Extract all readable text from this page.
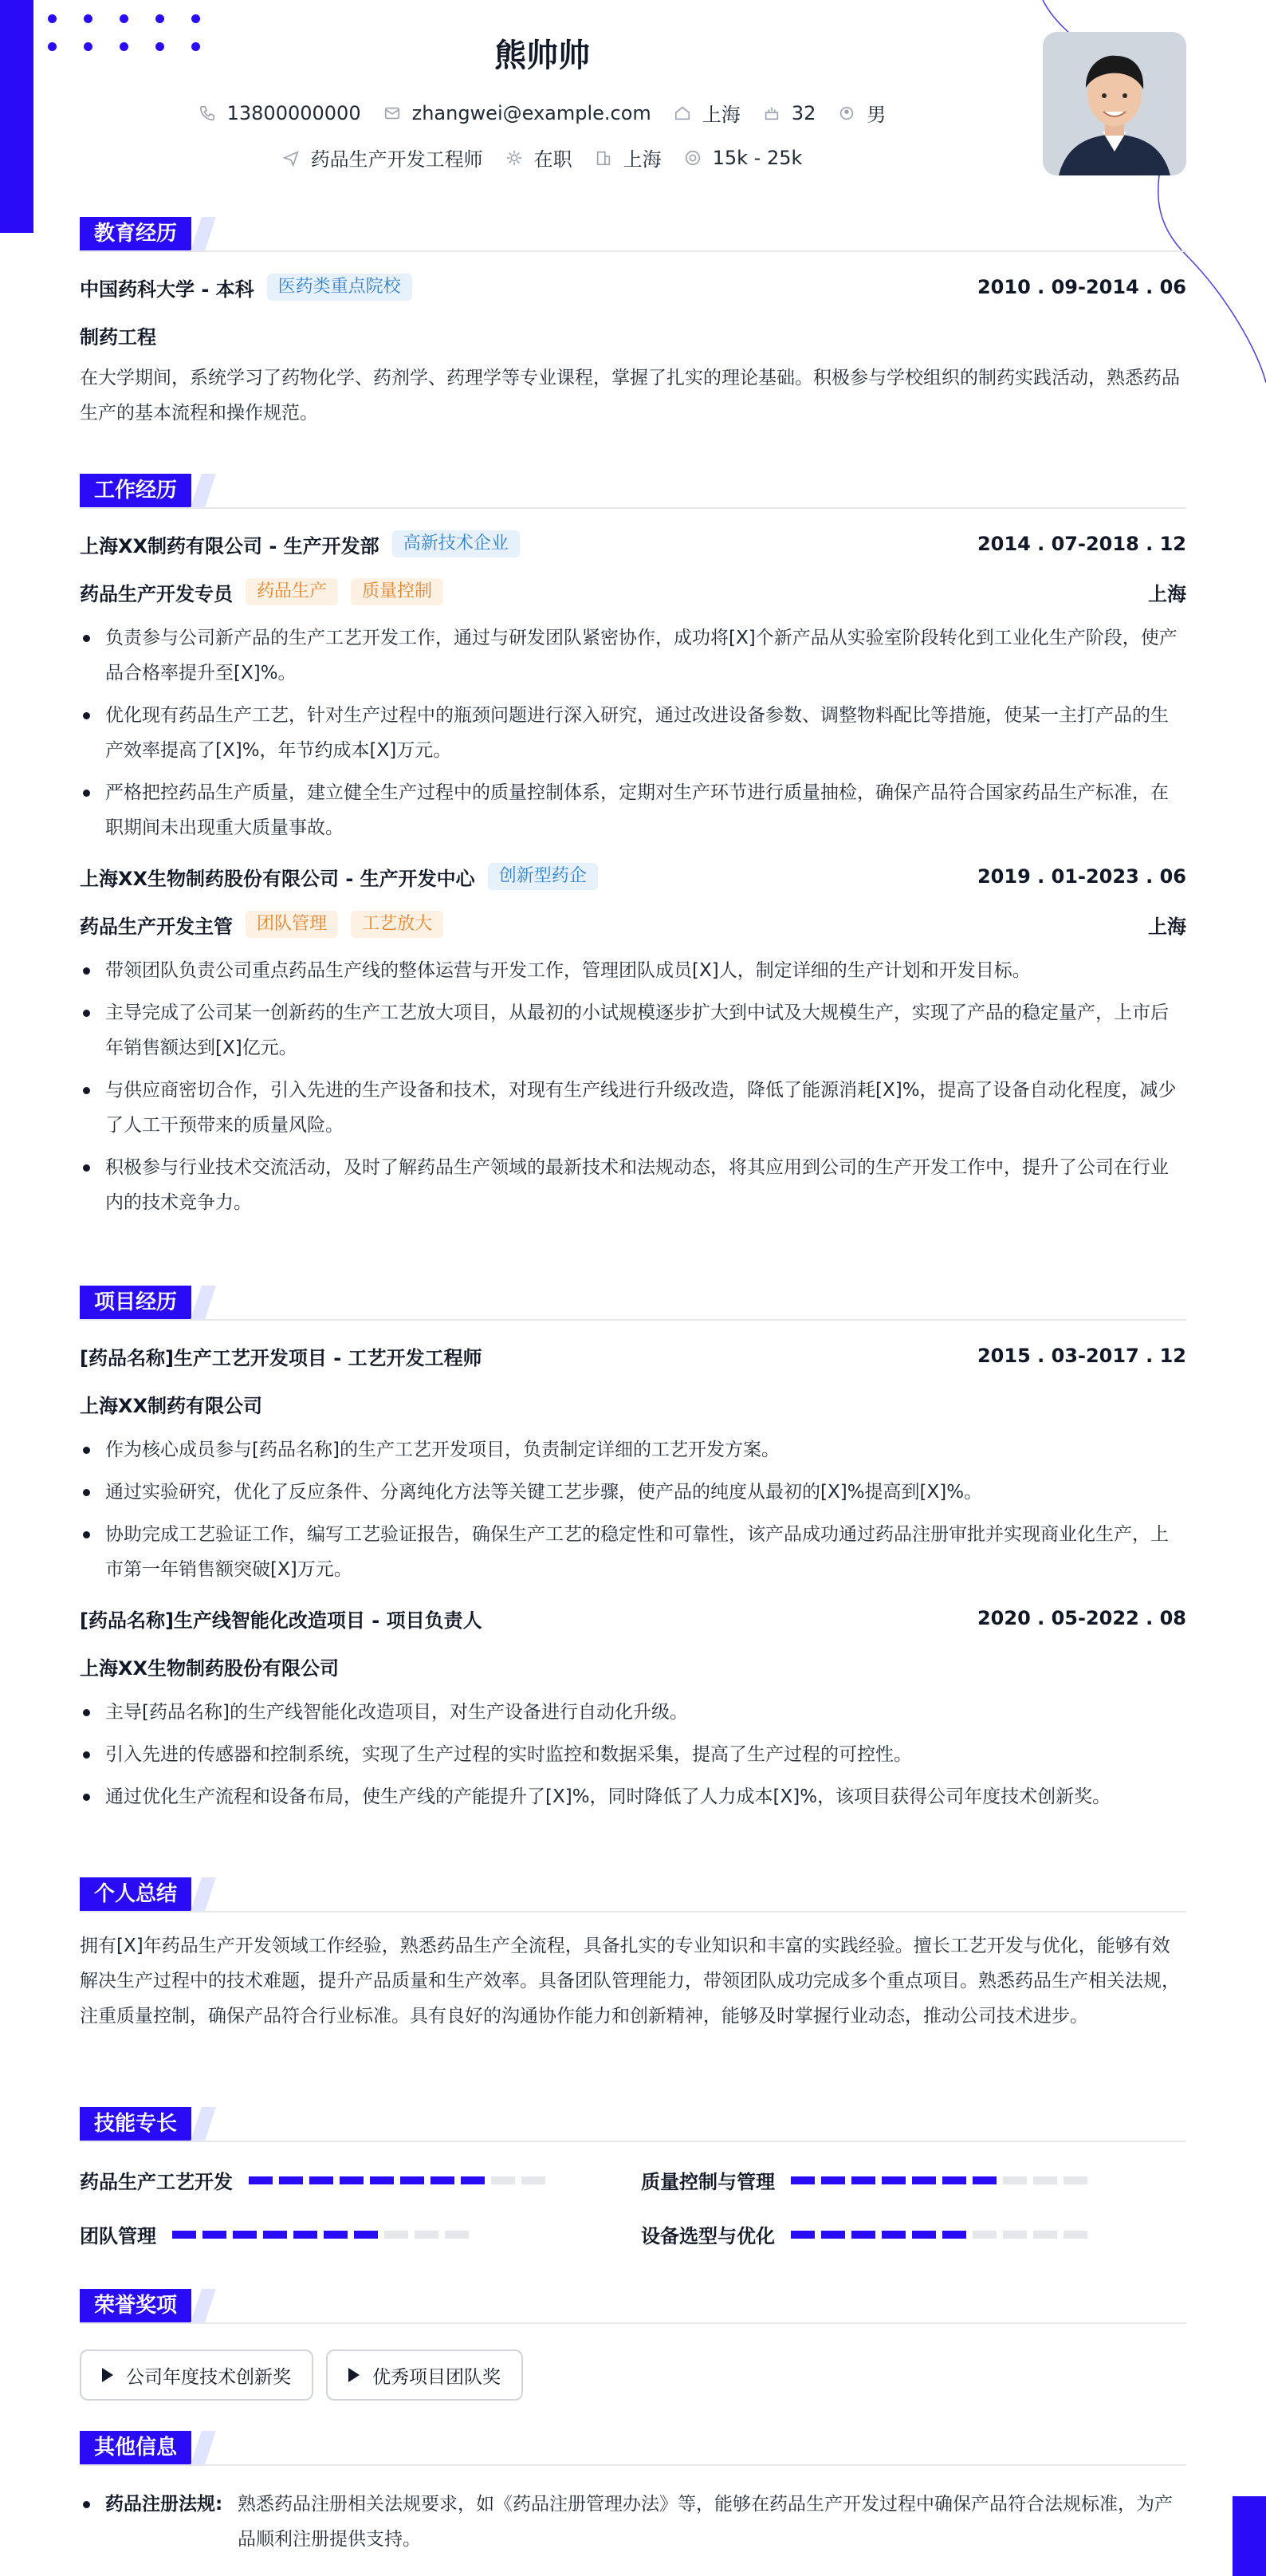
熊帅帅
13800000000	zhangwei@example.com	上海	32	男
药品生产开发工程师	在职	上海	15k - 25k
教育经历
中国药科大学 - 本科	医药类重点院校	2010 . 09-2014 . 06
制药工程
在大学期间，系统学习了药物化学、药剂学、药理学等专业课程，掌握了扎实的理论基础。积极参与学校组织的制药实践活动，熟悉药品生产的基本流程和操作规范。
工作经历
上海XX制药有限公司 - 生产开发部	高新技术企业	2014 . 07-2018 . 12
药品生产开发专员	药品生产	质量控制	上海
负责参与公司新产品的生产工艺开发工作，通过与研发团队紧密协作，成功将[X]个新产品从实验室阶段转化到工业化生产阶段，使产品合格率提升至[X]%。
优化现有药品生产工艺，针对生产过程中的瓶颈问题进行深入研究，通过改进设备参数、调整物料配比等措施，使某一主打产品的生产效率提高了[X]%，年节约成本[X]万元。
严格把控药品生产质量，建立健全生产过程中的质量控制体系，定期对生产环节进行质量抽检，确保产品符合国家药品生产标准，在职期间未出现重大质量事故。
上海XX生物制药股份有限公司 - 生产开发中心	创新型药企	2019 . 01-2023 . 06
药品生产开发主管	团队管理	工艺放大	上海
带领团队负责公司重点药品生产线的整体运营与开发工作，管理团队成员[X]人，制定详细的生产计划和开发目标。
主导完成了公司某一创新药的生产工艺放大项目，从最初的小试规模逐步扩大到中试及大规模生产，实现了产品的稳定量产，上市后年销售额达到[X]亿元。
与供应商密切合作，引入先进的生产设备和技术，对现有生产线进行升级改造，降低了能源消耗[X]%，提高了设备自动化程度，减少了人工干预带来的质量风险。
积极参与行业技术交流活动，及时了解药品生产领域的最新技术和法规动态，将其应用到公司的生产开发工作中，提升了公司在行业内的技术竞争力。
项目经历
[药品名称]生产工艺开发项目 - 工艺开发工程师	2015 . 03-2017 . 12
上海XX制药有限公司
作为核心成员参与[药品名称]的生产工艺开发项目，负责制定详细的工艺开发方案。
通过实验研究，优化了反应条件、分离纯化方法等关键工艺步骤，使产品的纯度从最初的[X]%提高到[X]%。
协助完成工艺验证工作，编写工艺验证报告，确保生产工艺的稳定性和可靠性，该产品成功通过药品注册审批并实现商业化生产，上市第一年销售额突破[X]万元。
[药品名称]生产线智能化改造项目 - 项目负责人	2020 . 05-2022 . 08
上海XX生物制药股份有限公司
主导[药品名称]的生产线智能化改造项目，对生产设备进行自动化升级。
引入先进的传感器和控制系统，实现了生产过程的实时监控和数据采集，提高了生产过程的可控性。
通过优化生产流程和设备布局，使生产线的产能提升了[X]%，同时降低了人力成本[X]%，该项目获得公司年度技术创新奖。
个人总结
拥有[X]年药品生产开发领域工作经验，熟悉药品生产全流程，具备扎实的专业知识和丰富的实践经验。擅长工艺开发与优化，能够有效解决生产过程中的技术难题，提升产品质量和生产效率。具备团队管理能力，带领团队成功完成多个重点项目。熟悉药品生产相关法规，注重质量控制，确保产品符合行业标准。具有良好的沟通协作能力和创新精神，能够及时掌握行业动态，推动公司技术进步。
技能专长
药品生产工艺开发	质量控制与管理
团队管理	设备选型与优化
荣誉奖项
公司年度技术创新奖	优秀项目团队奖
其他信息
药品注册法规: 熟悉药品注册相关法规要求，如《药品注册管理办法》等，能够在药品生产开发过程中确保产品符合法规标准，为产品顺利注册提供支持。
